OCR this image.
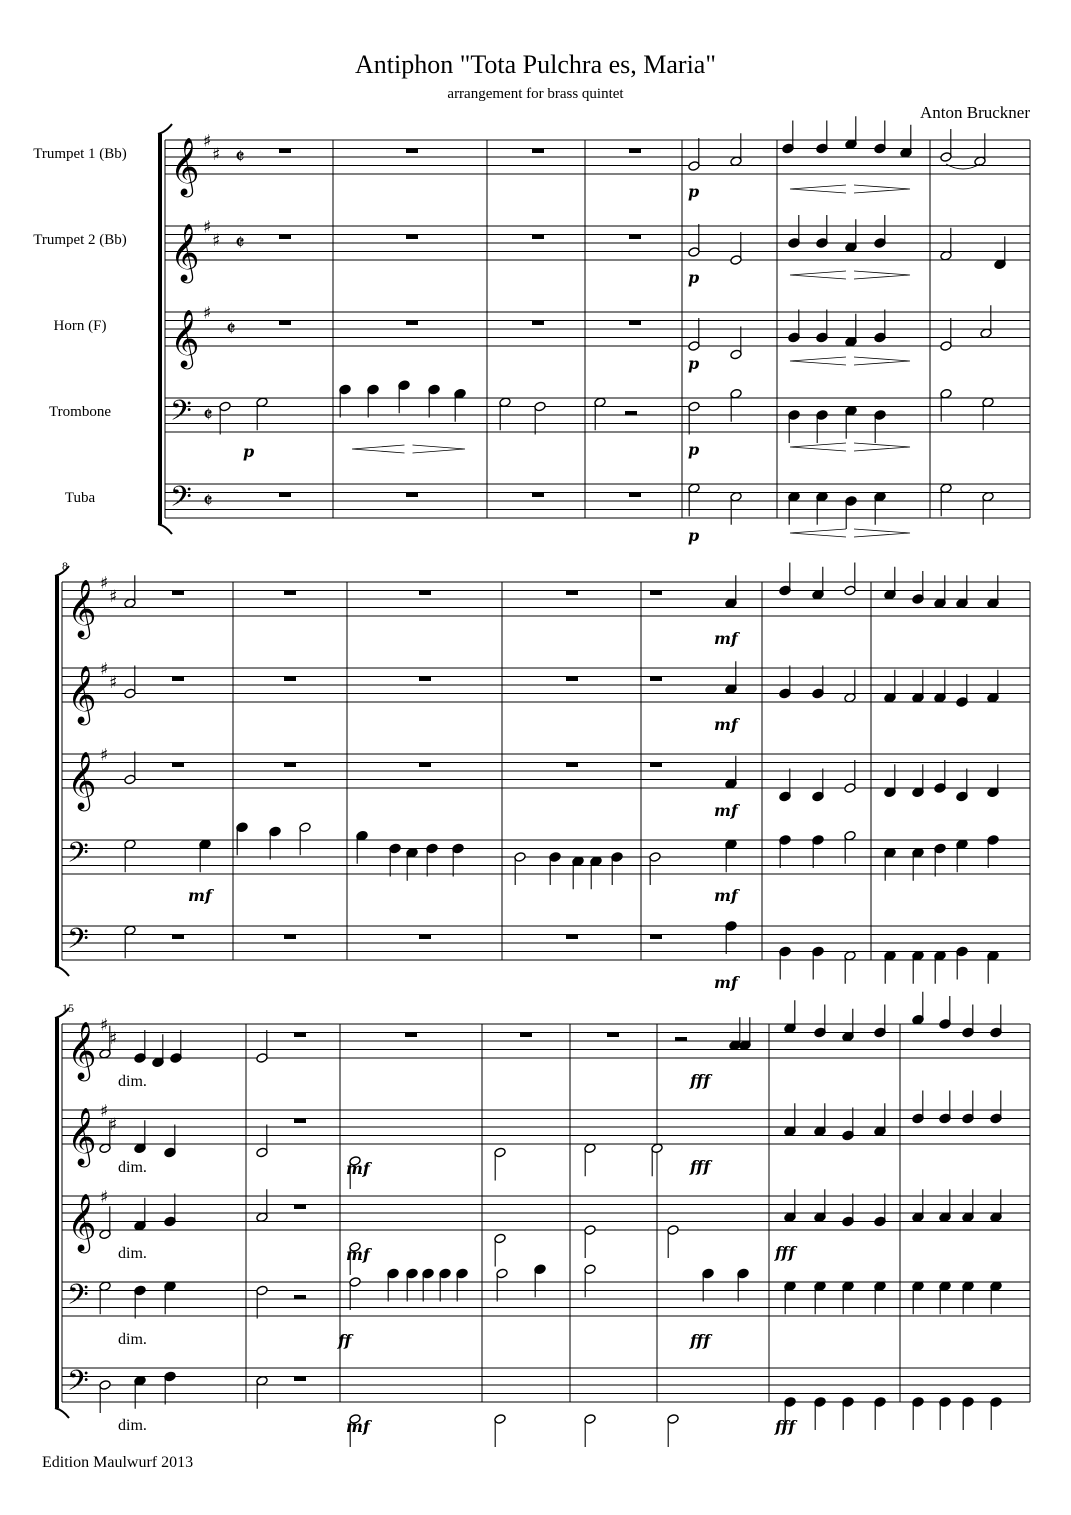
Antiphon "Tota Pulchra es, Maria"
arrangement for brass quintet
Anton Bruckner
Trumpet 1 (Bb)
Trumpet 2 (Bb)
Horn (F)
Trombone
Tuba
𝄞 ♯
♯ 𝄵
𝄞 ♯
♯ 𝄵
𝄞 ♯
𝄵
𝄢 𝄵
𝄢 𝄵
𝄞 ♯
♯
𝄞 ♯
♯
𝄞 ♯
𝄢
𝄢
8
𝄞 ♯
♯
𝄞 ♯
♯
𝄞 ♯
𝄢
𝄢
15
p
p
p
p	p
p
mf
mf
mf
mf
mf	mf
dim.
dim.
dim.
dim.
dim.
fff
mf	fff
mf
ff	fff
mf
fff
fff
Edition Maulwurf 2013
